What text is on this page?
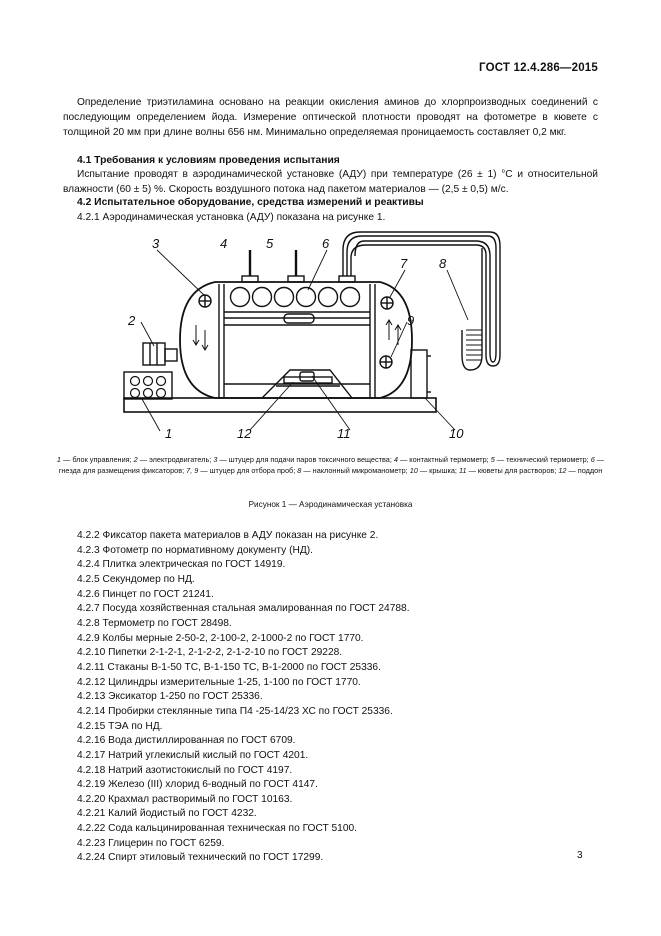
ГОСТ 12.4.286—2015

Определение триэтиламина основано на реакции окисления аминов до хлорпроизводных соединений с последующим определением йода. Измерение оптической плотности проводят на фотометре в кювете с толщиной 20 мм при длине волны 656 нм. Минимально определяемая проницаемость составляет 0,2 мкг.

4.1 Требования к условиям проведения испытания

Испытание проводят в аэродинамической установке (АДУ) при температуре (26 ± 1) °С и относительной влажности (60 ± 5) %. Скорость воздушного потока над пакетом материалов — (2,5 ± 0,5) м/с.

4.2 Испытательное оборудование, средства измерений и реактивы
4.2.1 Аэродинамическая установка (АДУ) показана на рисунке 1.
3	4	5	6
7 8
2	9
1	12	11	10
1 — блок управления; 2 — электродвигатель; 3 — штуцер для подачи паров токсичного вещества; 4 — контактный термометр; 5 — технический термометр; 6 — гнезда для размещения фиксаторов; 7, 9 — штуцер для отбора проб; 8 — наклонный микроманометр; 10 — крышка; 11 — кюветы для растворов; 12 — поддон
Рисунок 1 — Аэродинамическая установка
4.2.2 Фиксатор пакета материалов в АДУ показан на рисунке 2.
4.2.3 Фотометр по нормативному документу (НД).
4.2.4 Плитка электрическая по ГОСТ 14919.
4.2.5 Секундомер по НД.
4.2.6 Пинцет по ГОСТ 21241.
4.2.7 Посуда хозяйственная стальная эмалированная по ГОСТ 24788.
4.2.8 Термометр по ГОСТ 28498.
4.2.9 Колбы мерные 2-50-2, 2-100-2, 2-1000-2 по ГОСТ 1770.
4.2.10 Пипетки 2-1-2-1, 2-1-2-2, 2-1-2-10 по ГОСТ 29228.
4.2.11 Стаканы В-1-50 ТС, В-1-150 ТС, В-1-2000 по ГОСТ 25336.
4.2.12 Цилиндры измерительные 1-25, 1-100 по ГОСТ 1770.
4.2.13 Эксикатор 1-250 по ГОСТ 25336.
4.2.14 Пробирки стеклянные типа П4 -25-14/23 ХС по ГОСТ 25336.
4.2.15 ТЭА по НД.
4.2.16 Вода дистиллированная по ГОСТ 6709.
4.2.17 Натрий углекислый кислый по ГОСТ 4201.
4.2.18 Натрий азотистокислый по ГОСТ 4197.
4.2.19 Железо (III) хлорид 6-водный по ГОСТ 4147.
4.2.20 Крахмал растворимый по ГОСТ 10163.
4.2.21 Калий йодистый по ГОСТ 4232.
4.2.22 Сода кальцинированная техническая по ГОСТ 5100.
4.2.23 Глицерин по ГОСТ 6259.
4.2.24 Спирт этиловый технический по ГОСТ 17299.	3
